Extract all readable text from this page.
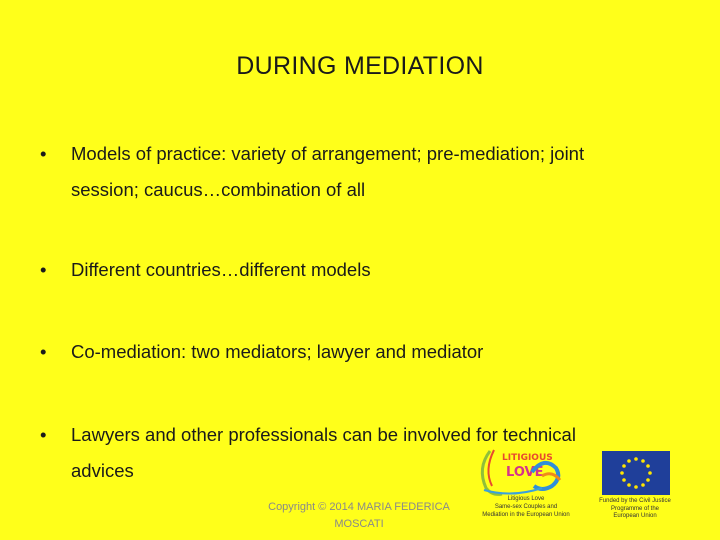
DURING MEDIATION
•	Models of practice: variety of arrangement; pre-mediation; joint
session; caucus…combination of all
•	Different countries…different models
•	Co-mediation: two mediators; lawyer and mediator
•	Lawyers and other professionals can be involved for technical
advices
Copyright © 2014 MARIA FEDERICA
MOSCATI
LITIGIOUS
LOVE
Litigious Love
Same-sex Couples and
Mediation in the European Union
Funded by the Civil Justice
Programme of the
European Union
